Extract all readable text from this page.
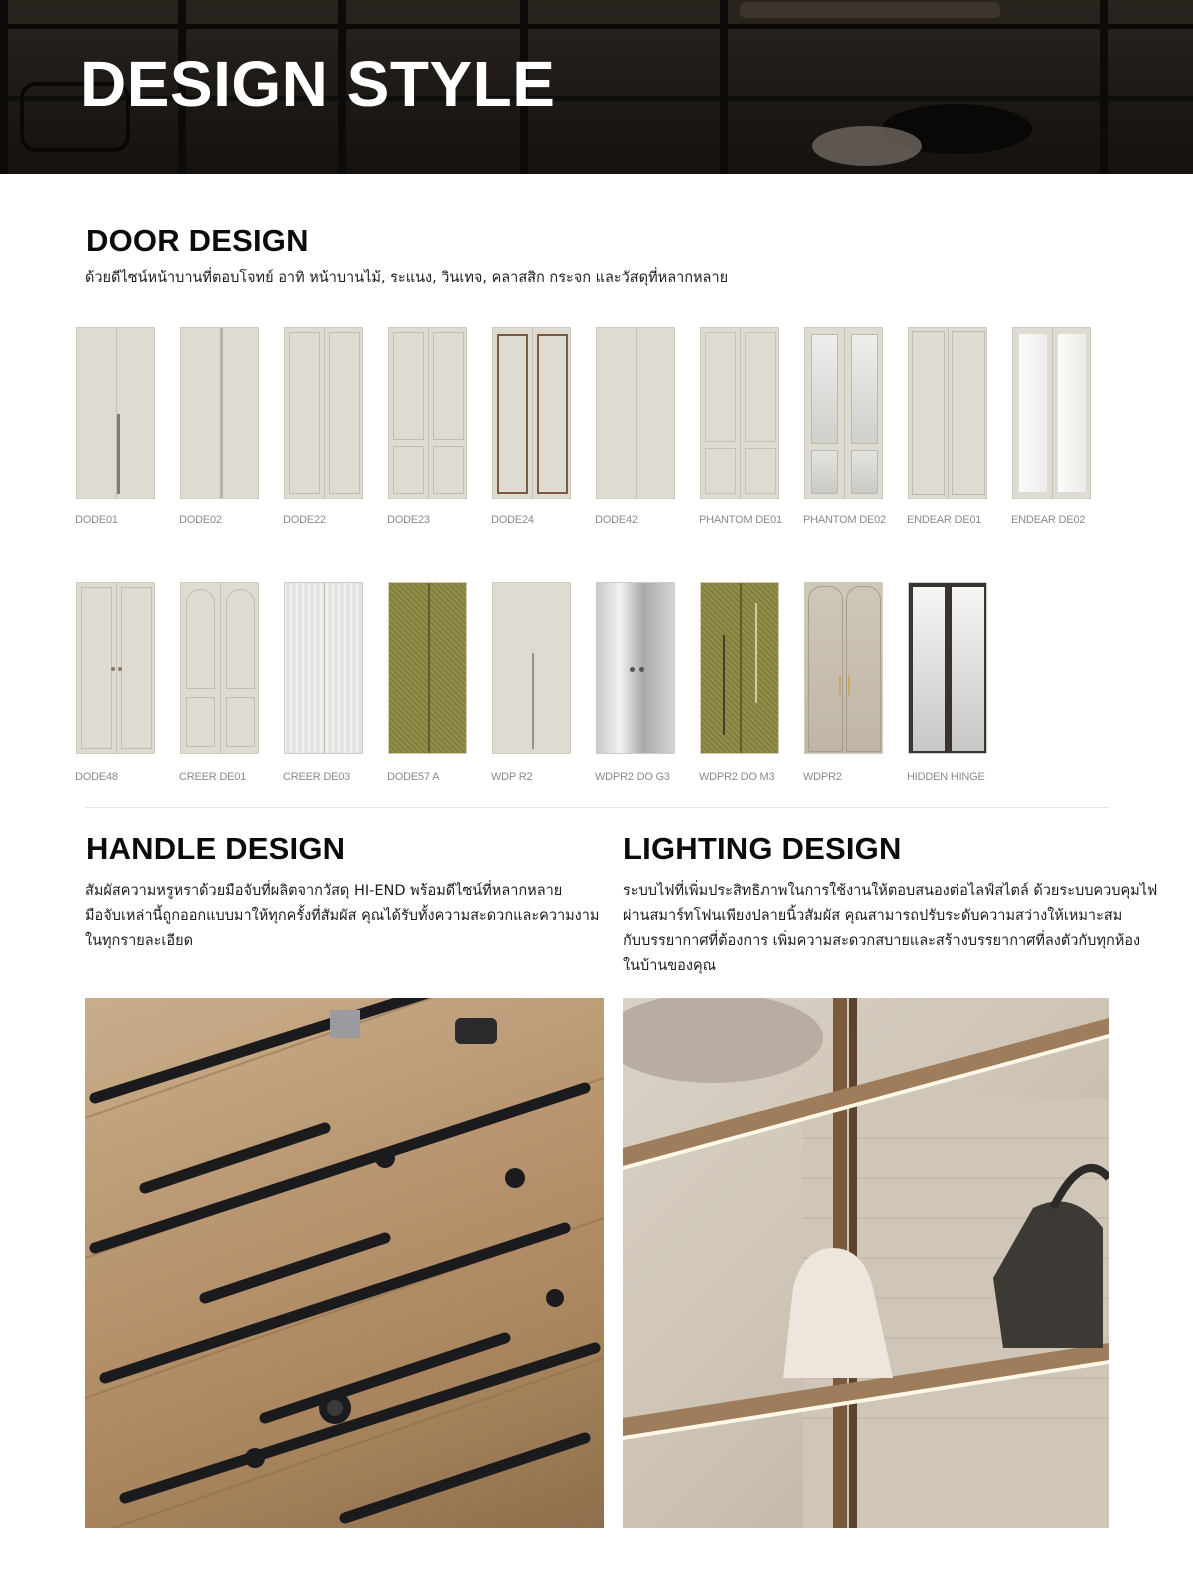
DESIGN STYLE
DOOR DESIGN
ด้วยดีไซน์หน้าบานที่ตอบโจทย์ อาทิ หน้าบานไม้, ระแนง, วินเทจ, คลาสสิก กระจก และวัสดุที่หลากหลาย
DODE01	DODE02	DODE22	DODE23	DODE24	DODE42	PHANTOM DE01 PHANTOM DE02 ENDEAR DE01	ENDEAR DE02
DODE48	CREER DE01	CREER DE03	DODE57 A	WDP R2	WDPR2 DO G3	WDPR2 DO M3	WDPR2	HIDDEN HINGE
HANDLE DESIGN
สัมผัสความหรูหราด้วยมือจับที่ผลิตจากวัสดุ HI-END พร้อมดีไซน์ที่หลากหลาย
มือจับเหล่านี้ถูกออกแบบมาให้ทุกครั้งที่สัมผัส คุณได้รับทั้งความสะดวกและความงาม
ในทุกรายละเอียด
LIGHTING DESIGN
ระบบไฟที่เพิ่มประสิทธิภาพในการใช้งานให้ตอบสนองต่อไลฟ์สไตล์ ด้วยระบบควบคุมไฟ
ผ่านสมาร์ทโฟนเพียงปลายนิ้วสัมผัส คุณสามารถปรับระดับความสว่างให้เหมาะสม
กับบรรยากาศที่ต้องการ เพิ่มความสะดวกสบายและสร้างบรรยากาศที่ลงตัวกับทุกห้อง
ในบ้านของคุณ
